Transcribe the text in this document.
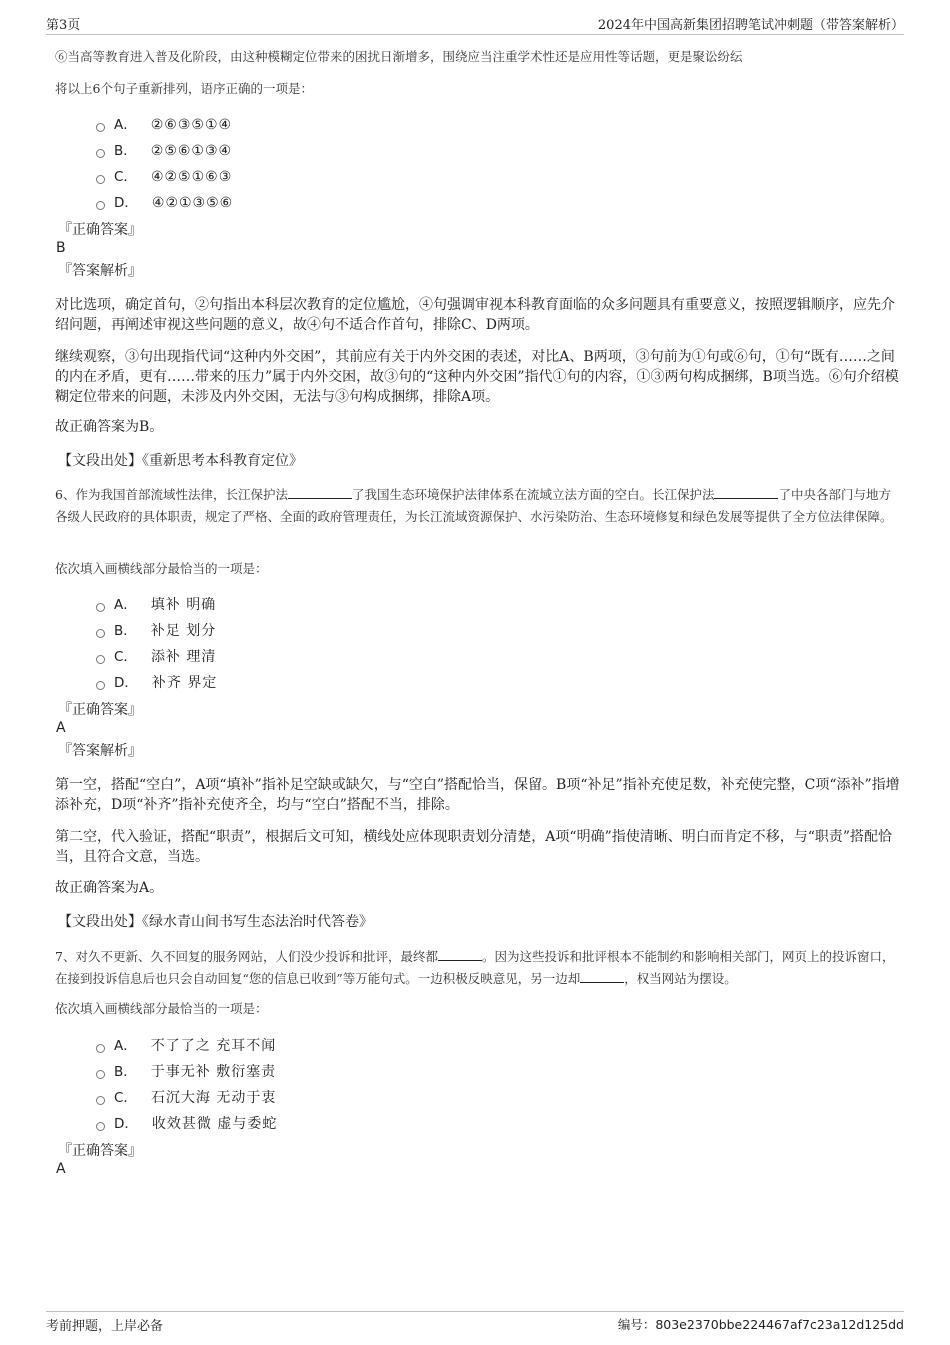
第3页	2024年中国高新集团招聘笔试冲刺题（带答案解析）
⑥当高等教育进入普及化阶段，由这种模糊定位带来的困扰日渐增多，围绕应当注重学术性还是应用性等话题，更是聚讼纷纭
将以上6个句子重新排列，语序正确的一项是：
A． ②⑥③⑤①④
B． ②⑤⑥①③④
C． ④②⑤①⑥③
D． ④②①③⑤⑥
『正确答案』
B
『答案解析』
对比选项，确定首句，②句指出本科层次教育的定位尴尬，④句强调审视本科教育面临的众多问题具有重要意义，按照逻辑顺序，应先介绍问题，再阐述审视这些问题的意义，故④句不适合作首句，排除C、D两项。
继续观察，③句出现指代词“这种内外交困”，其前应有关于内外交困的表述，对比A、B两项，③句前为①句或⑥句，①句“既有……之间的内在矛盾，更有……带来的压力”属于内外交困，故③句的“这种内外交困”指代①句的内容，①③两句构成捆绑，B项当选。⑥句介绍模糊定位带来的问题，未涉及内外交困，无法与③句构成捆绑，排除A项。
故正确答案为B。
【文段出处】《重新思考本科教育定位》
6、作为我国首部流域性法律，长江保护法	了我国生态环境保护法律体系在流域立法方面的空白。长江保护法	了中央各部门与地方各级人民政府的具体职责，规定了严格、全面的政府管理责任，为长江流域资源保护、水污染防治、生态环境修复和绿色发展等提供了全方位法律保障。
依次填入画横线部分最恰当的一项是：
A． 填补 明确
B． 补足 划分
C． 添补 理清
D． 补齐 界定
『正确答案』
A
『答案解析』
第一空，搭配“空白”，A项“填补”指补足空缺或缺欠，与“空白”搭配恰当，保留。B项“补足”指补充使足数，补充使完整，C项“添补”指增添补充，D项“补齐”指补充使齐全，均与“空白”搭配不当，排除。
第二空，代入验证，搭配“职责”，根据后文可知，横线处应体现职责划分清楚，A项“明确”指使清晰、明白而肯定不移，与“职责”搭配恰当，且符合文意，当选。
故正确答案为A。
【文段出处】《绿水青山间书写生态法治时代答卷》
7、对久不更新、久不回复的服务网站，人们没少投诉和批评，最终都	。因为这些投诉和批评根本不能制约和影响相关部门，网页上的投诉窗口，在接到投诉信息后也只会自动回复“您的信息已收到”等万能句式。一边积极反映意见，另一边却	，权当网站为摆设。
依次填入画横线部分最恰当的一项是：
A． 不了了之 充耳不闻
B． 于事无补 敷衍塞责
C． 石沉大海 无动于衷
D． 收效甚微 虚与委蛇
『正确答案』
A
考前押题，上岸必备	编号：803e2370bbe224467af7c23a12d125dd
